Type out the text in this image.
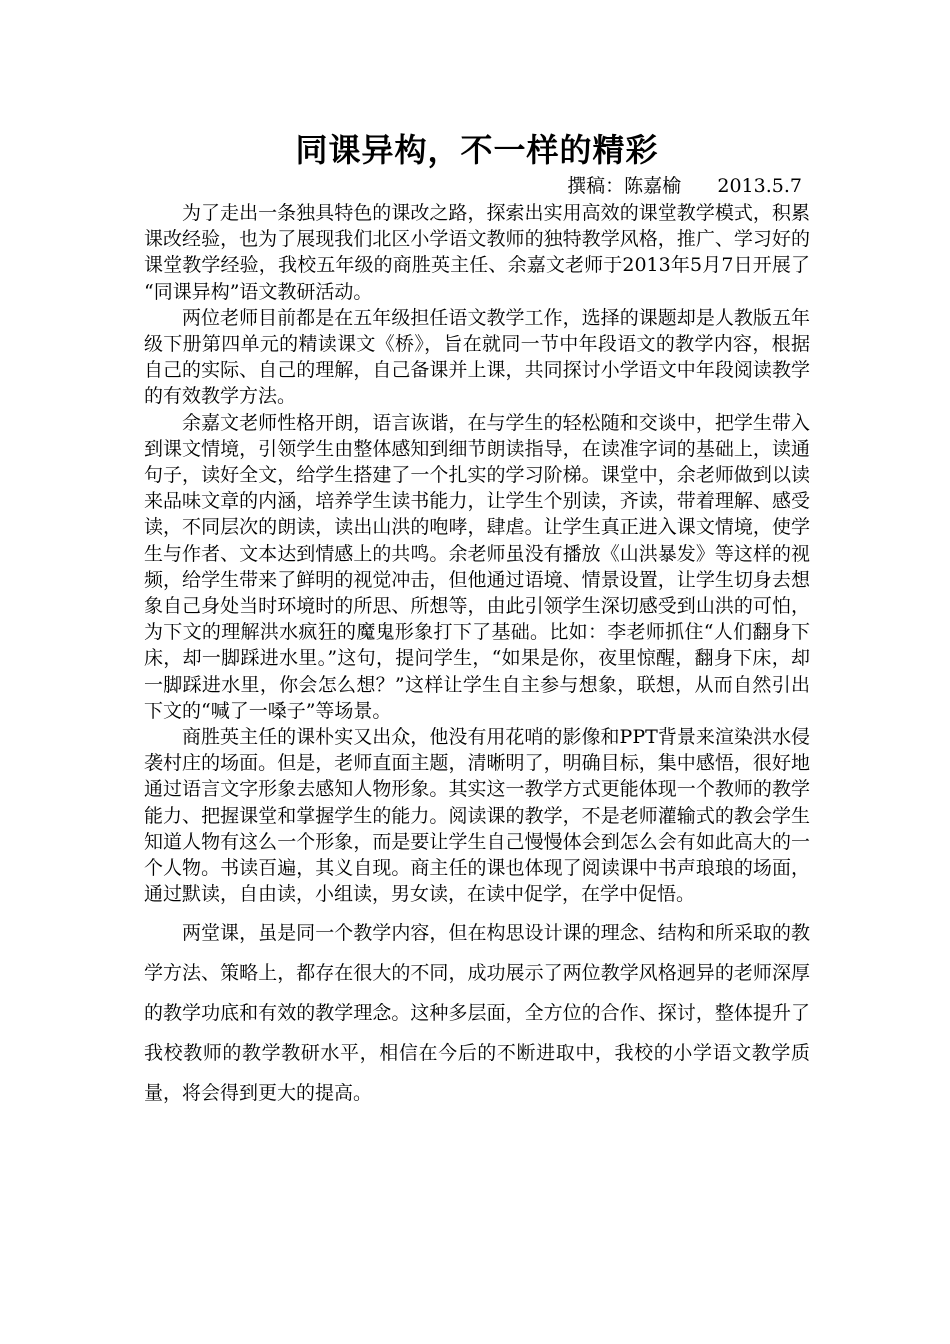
同课异构，不一样的精彩

撰稿：陈嘉榆      2013.5.7

为了走出一条独具特色的课改之路，探索出实用高效的课堂教学模式，积累课改经验，也为了展现我们北区小学语文教师的独特教学风格，推广、学习好的课堂教学经验，我校五年级的商胜英主任、余嘉文老师于2013年5月7日开展了 “同课异构”语文教研活动。

两位老师目前都是在五年级担任语文教学工作，选择的课题却是人教版五年级下册第四单元的精读课文《桥》，旨在就同一节中年段语文的教学内容，根据自己的实际、自己的理解，自己备课并上课，共同探讨小学语文中年段阅读教学的有效教学方法。

余嘉文老师性格开朗，语言诙谐，在与学生的轻松随和交谈中，把学生带入到课文情境，引领学生由整体感知到细节朗读指导，在读准字词的基础上，读通句子，读好全文，给学生搭建了一个扎实的学习阶梯。课堂中，余老师做到以读来品味文章的内涵，培养学生读书能力，让学生个别读，齐读，带着理解、感受读，不同层次的朗读，读出山洪的咆哮，肆虐。让学生真正进入课文情境，使学生与作者、文本达到情感上的共鸣。余老师虽没有播放《山洪暴发》等这样的视频，给学生带来了鲜明的视觉冲击，但他通过语境、情景设置，让学生切身去想象自己身处当时环境时的所思、所想等，由此引领学生深切感受到山洪的可怕，为下文的理解洪水疯狂的魔鬼形象打下了基础。比如：李老师抓住“人们翻身下床，却一脚踩进水里。”这句，提问学生，“如果是你，夜里惊醒，翻身下床，却一脚踩进水里，你会怎么想？”这样让学生自主参与想象，联想，从而自然引出下文的“喊了一嗓子”等场景。

商胜英主任的课朴实又出众，他没有用花哨的影像和PPT背景来渲染洪水侵袭村庄的场面。但是，老师直面主题，清晰明了，明确目标，集中感悟，很好地通过语言文字形象去感知人物形象。其实这一教学方式更能体现一个教师的教学能力、把握课堂和掌握学生的能力。阅读课的教学，不是老师灌输式的教会学生知道人物有这么一个形象，而是要让学生自己慢慢体会到怎么会有如此高大的一个人物。书读百遍，其义自现。商主任的课也体现了阅读课中书声琅琅的场面，通过默读，自由读，小组读，男女读，在读中促学，在学中促悟。

两堂课，虽是同一个教学内容，但在构思设计课的理念、结构和所采取的教学方法、策略上，都存在很大的不同，成功展示了两位教学风格迥异的老师深厚的教学功底和有效的教学理念。这种多层面，全方位的合作、探讨，整体提升了我校教师的教学教研水平，相信在今后的不断进取中，我校的小学语文教学质量，将会得到更大的提高。
